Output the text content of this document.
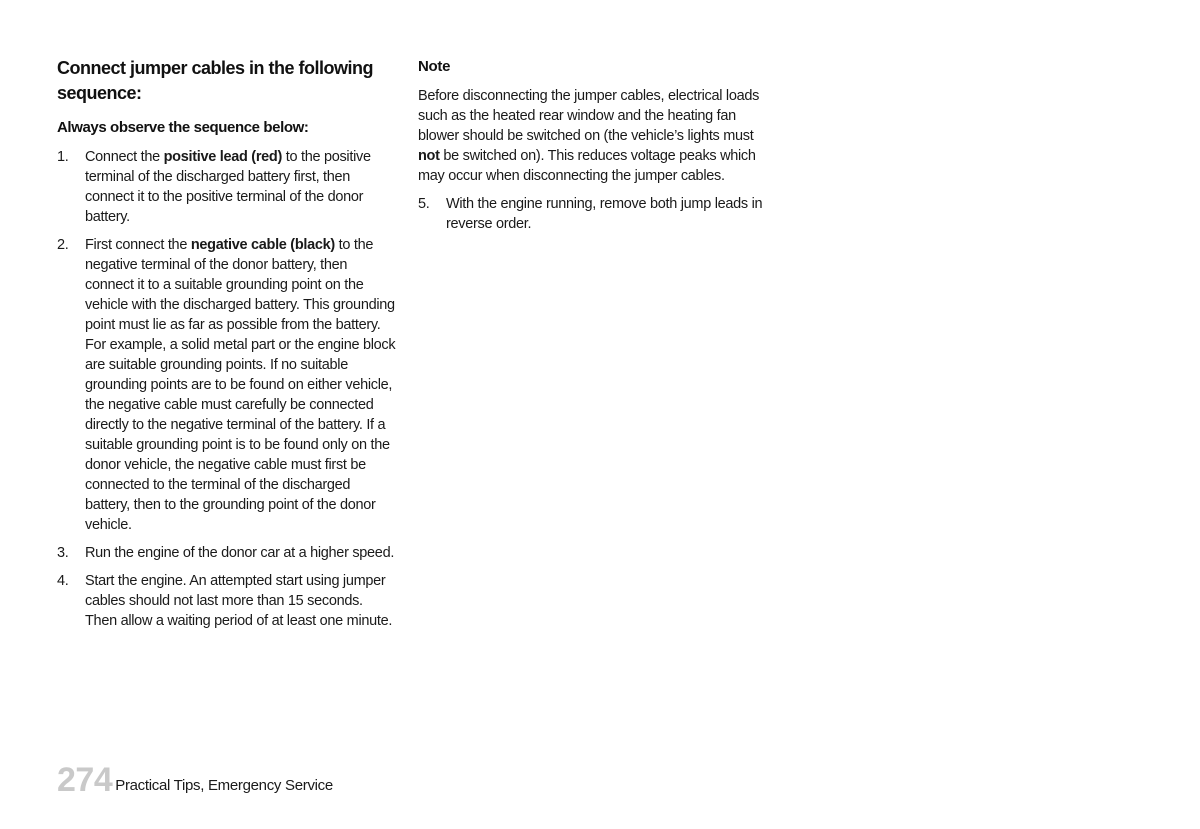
Connect jumper cables in the following sequence:
Always observe the sequence below:
1. Connect the positive lead (red) to the positive terminal of the discharged battery first, then connect it to the positive terminal of the donor battery.
2. First connect the negative cable (black) to the negative terminal of the donor battery, then connect it to a suitable grounding point on the vehicle with the discharged battery. This grounding point must lie as far as possible from the battery. For example, a solid metal part or the engine block are suitable grounding points. If no suitable grounding points are to be found on either vehicle, the negative cable must carefully be connected directly to the negative terminal of the battery. If a suitable grounding point is to be found only on the donor vehicle, the negative cable must first be connected to the terminal of the discharged battery, then to the grounding point of the donor vehicle.
3. Run the engine of the donor car at a higher speed.
4. Start the engine. An attempted start using jumper cables should not last more than 15 seconds. Then allow a waiting period of at least one minute.
Note

Before disconnecting the jumper cables, electrical loads such as the heated rear window and the heating fan blower should be switched on (the vehicle’s lights must not be switched on). This reduces voltage peaks which may occur when disconnecting the jumper cables.

5. With the engine running, remove both jump leads in reverse order.
274 Practical Tips, Emergency Service
